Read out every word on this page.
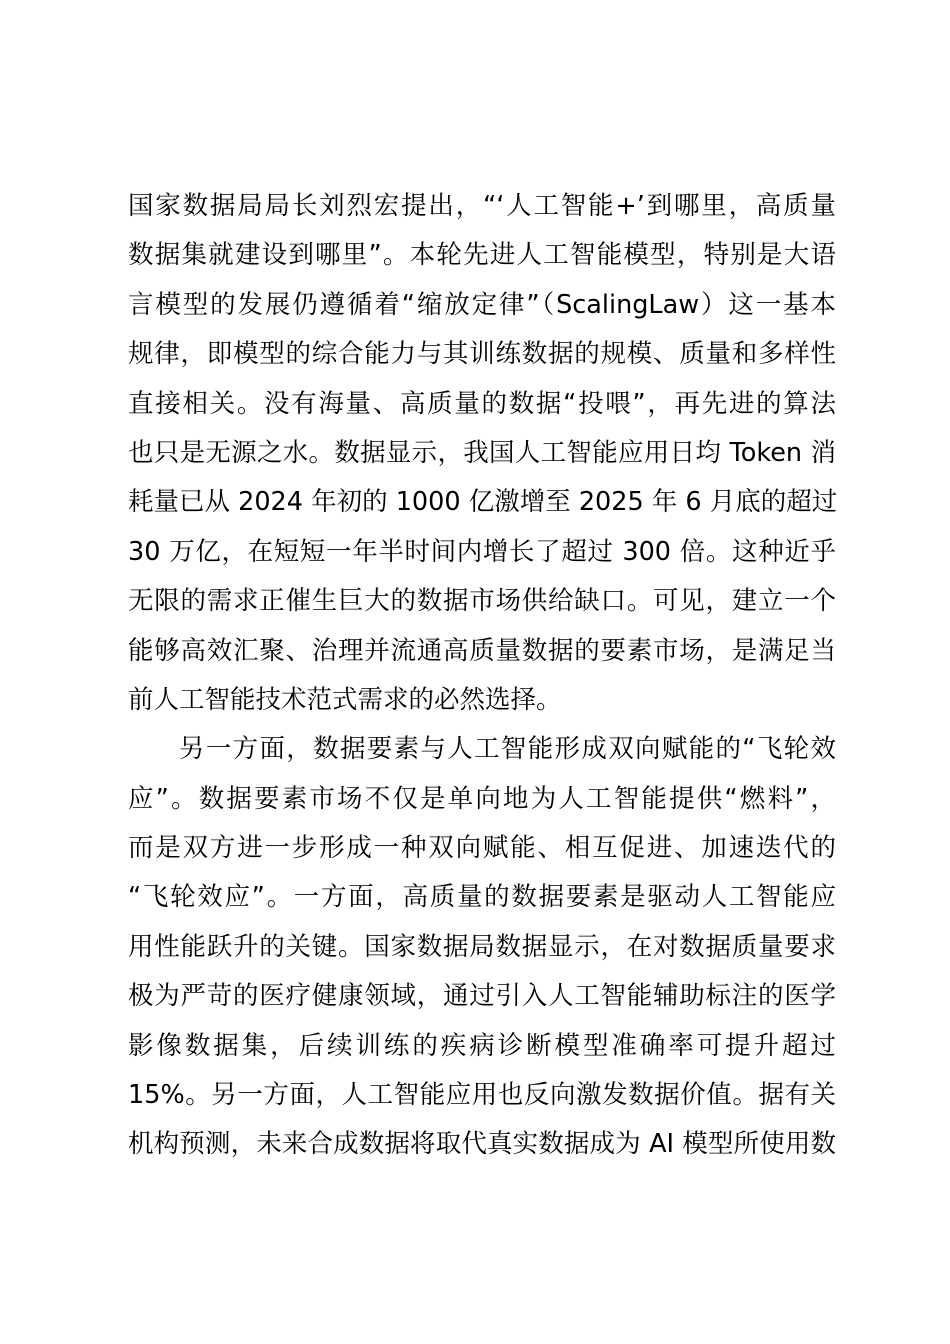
国家数据局局长刘烈宏提出，“‘人工智能+’到哪里，高质量
数据集就建设到哪里”。本轮先进人工智能模型，特别是大语
言模型的发展仍遵循着“缩放定律”（ScalingLaw）这一基本
规律，即模型的综合能力与其训练数据的规模、质量和多样性
直接相关。没有海量、高质量的数据“投喂”，再先进的算法
也只是无源之水。数据显示，我国人工智能应用日均 Token 消
耗量已从 2024 年初的 1000 亿激增至 2025 年 6 月底的超过
30 万亿，在短短一年半时间内增长了超过 300 倍。这种近乎
无限的需求正催生巨大的数据市场供给缺口。可见，建立一个
能够高效汇聚、治理并流通高质量数据的要素市场，是满足当
前人工智能技术范式需求的必然选择。
另一方面，数据要素与人工智能形成双向赋能的“飞轮效
应”。数据要素市场不仅是单向地为人工智能提供“燃料”，
而是双方进一步形成一种双向赋能、相互促进、加速迭代的
“飞轮效应”。一方面，高质量的数据要素是驱动人工智能应
用性能跃升的关键。国家数据局数据显示，在对数据质量要求
极为严苛的医疗健康领域，通过引入人工智能辅助标注的医学
影像数据集，后续训练的疾病诊断模型准确率可提升超过
15%。另一方面，人工智能应用也反向激发数据价值。据有关
机构预测，未来合成数据将取代真实数据成为 AI 模型所使用数
